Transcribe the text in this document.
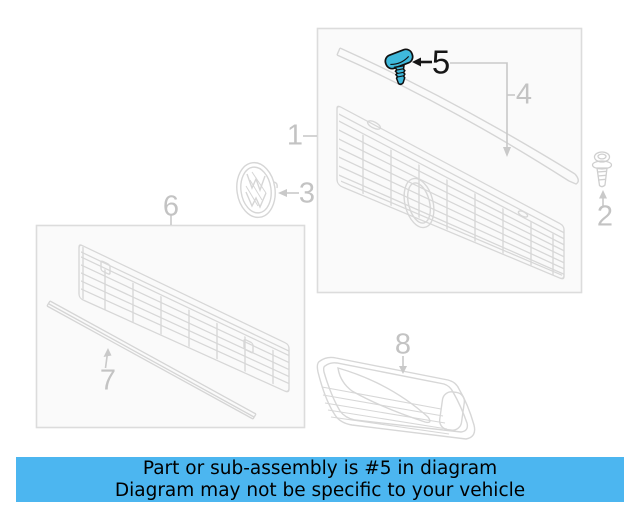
1
2
3
4
5
6
7
8
Part or sub-assembly is #5 in diagram
Diagram may not be specific to your vehicle
